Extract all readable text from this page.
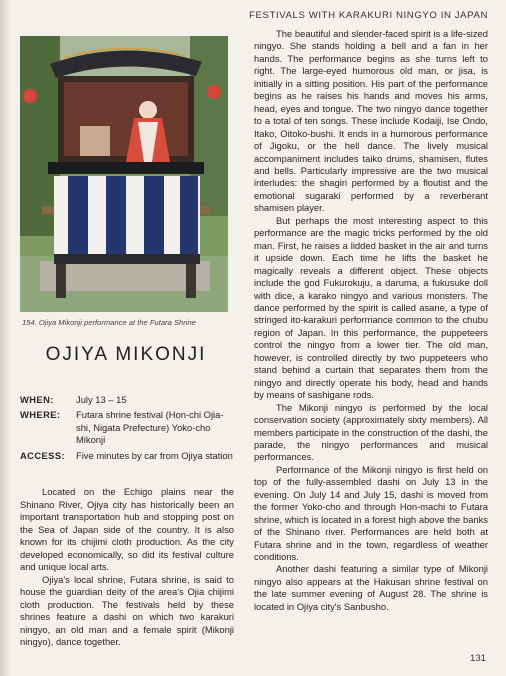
FESTIVALS WITH KARAKURI NINGYO IN JAPAN
154. Ojiya Mikonji performance at the Futara Shrine
OJIYA MIKONJI
WHEN:	July 13 – 15
WHERE:	Futara shrine festival (Hon-chi Ojia-shi, Nigata Prefecture) Yoko-cho Mikonji
ACCESS:	Five minutes by car from Ojiya station

Located on the Echigo plains near the Shinano River, Ojiya city has historically been an important transportation hub and stopping post on the Sea of Japan side of the country. It is also known for its chijimi cloth production. As the city developed economically, so did its festival culture and unique local arts.

Ojiya's local shrine, Futara shrine, is said to house the guardian deity of the area's Ojia chijimi cloth production. The festivals held by these shrines feature a dashi on which two karakuri ningyo, an old man and a female spirit (Mikonji ningyo), dance together.

The beautiful and slender-faced spirit is a life-sized ningyo. She stands holding a bell and a fan in her hands. The performance begins as she turns left to right. The large-eyed humorous old man, or jisa, is initially in a sitting position. His part of the performance begins as he raises his hands and moves his arms, head, eyes and tongue. The two ningyo dance together to a total of ten songs. These include Kodaiji, Ise Ondo, Itako, Oitoko-bushi. It ends in a humorous performance of Jigoku, or the hell dance. The lively musical accompaniment includes taiko drums, shamisen, flutes and bells. Particularly impressive are the two musical interludes: the shagiri performed by a floutist and the emotional sugaraki performed by a reverberant shamisen player.

But perhaps the most interesting aspect to this performance are the magic tricks performed by the old man. First, he raises a lidded basket in the air and turns it upside down. Each time he lifts the basket he magically reveals a different object. These objects include the god Fukurokuju, a daruma, a fukusuke doll with dice, a karako ningyo and various monsters. The dance performed by the spirit is called asane, a type of stringed ito-karakuri performance common to the chubu region of Japan. In this performance, the puppeteers control the ningyo from a lower tier. The old man, however, is controlled directly by two puppeteers who stand behind a curtain that separates them from the ningyo and directly operate his body, head and hands by means of sashigane rods.

The Mikonji ningyo is performed by the local conservation society (approximately sixty members). All members participate in the construction of the dashi, the parade, the ningyo performances and musical performances.

Performance of the Mikonji ningyo is first held on top of the fully-assembled dashi on July 13 in the evening. On July 14 and July 15, dashi is moved from the former Yoko-cho and through Hon-machi to Futara shrine, which is located in a forest high above the banks of the Shinano river. Performances are held both at Futara shrine and in the town, regardless of weather conditions.

Another dashi featuring a similar type of Mikonji ningyo also appears at the Hakusan shrine festival on the late summer evening of August 28. The shrine is located in Ojiya city's Sanbusho.

131
